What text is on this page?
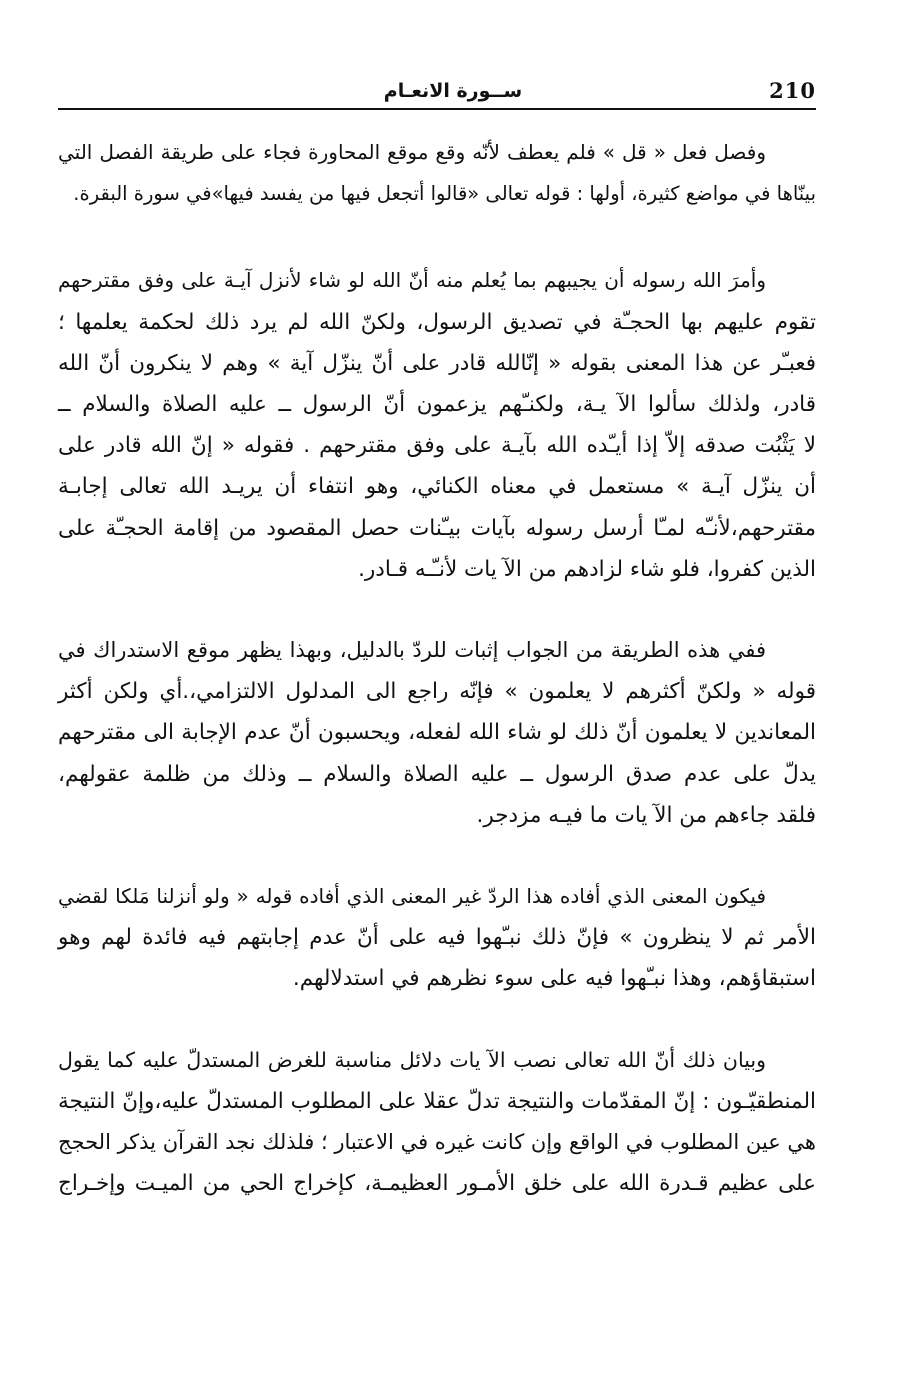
210
ســورة الانعـام

وفصل فعل « قل » فلم يعطف لأنّه وقع موقع المحاورة فجاء على طريقة الفصل التي
بينّاها في مواضع كثيرة، أولها : قوله تعالى «قالوا أتجعل فيها من يفسد فيها»في سورة البقرة.

وأمرَ الله رسوله أن يجيبهم بما يُعلم منه أنّ الله لو شاء لأنزل آيـة على وفق مقترحهم
تقوم عليهم بها الحجـّة في تصديق الرسول، ولكنّ الله لم يرد ذلك لحكمة يعلمها ؛
فعبـّر عن هذا المعنى بقوله « إنّالله قادر على أنّ ينزّل آية » وهم لا ينكرون أنّ الله
قادر، ولذلك سألوا الآ يـة، ولكنـّهم يزعمون أنّ الرسول ــ عليه الصلاة والسلام ــ
لا يَثْبُت صدقه إلاّ إذا أيـّده الله بآيـة على وفق مقترحهم . فقوله « إنّ الله قادر على
أن ينزّل آيـة » مستعمل في معناه الكنائي، وهو انتفاء أن يريـد الله تعالى إجابـة
مقترحهم،لأنـّه لمـّا أرسل رسوله بآيات بيـّنات حصل المقصود من إقامة الحجـّة على
الذين كفروا، فلو شاء لزادهم من الآ يات لأنـّـه قـادر.

ففي هذه الطريقة من الجواب إثبات للردّ بالدليل، وبهذا يظهر موقع الاستدراك في
قوله « ولكنّ أكثرهم لا يعلمون » فإنّه راجع الى المدلول الالتزامي،.أي ولكن أكثر
المعاندين لا يعلمون أنّ ذلك لو شاء الله لفعله، ويحسبون أنّ عدم الإجابة الى مقترحهم
يدلّ على عدم صدق الرسول ــ عليه الصلاة والسلام ــ وذلك من ظلمة عقولهم،
فلقد جاءهم من الآ يات ما فيـه مزدجر.

فيكون المعنى الذي أفاده هذا الردّ غير المعنى الذي أفاده قوله « ولو أنزلنا مَلكا لقضي
الأمر ثم لا ينظرون » فإنّ ذلك نبـّهوا فيه على أنّ عدم إجابتهم فيه فائدة لهم وهو
استبقاؤهم، وهذا نبـّهوا فيه على سوء نظرهم في استدلالهم.

وبيان ذلك أنّ الله تعالى نصب الآ يات دلائل مناسبة للغرض المستدلّ عليه كما يقول
المنطقيّـون : إنّ المقدّمات والنتيجة تدلّ عقلا على المطلوب المستدلّ عليه،وإنّ النتيجة
هي عين المطلوب في الواقع وإن كانت غيره في الاعتبار ؛ فلذلك نجد القرآن يذكر الحجج
على عظيم قـدرة الله على خلق الأمـور العظيمـة، كإخراج الحي من الميـت وإخـراج
